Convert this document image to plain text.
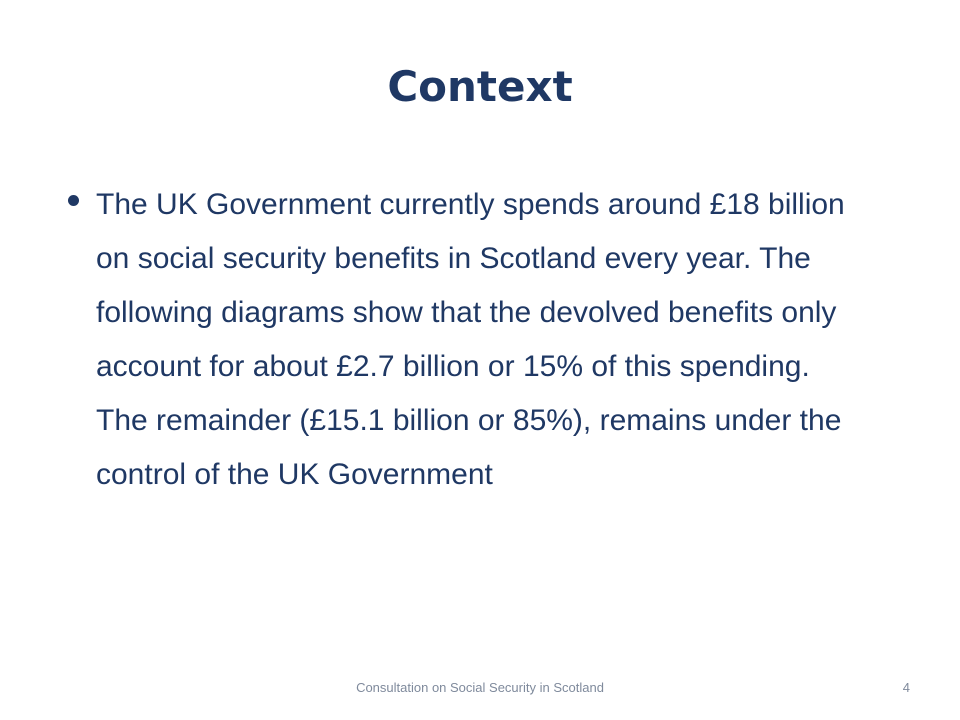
Context
The UK Government currently spends around £18 billion on social security benefits in Scotland every year. The following diagrams show that the devolved benefits only account for about £2.7 billion or 15% of this spending. The remainder (£15.1 billion or 85%), remains under the control of the UK Government
Consultation on Social Security in Scotland	4
